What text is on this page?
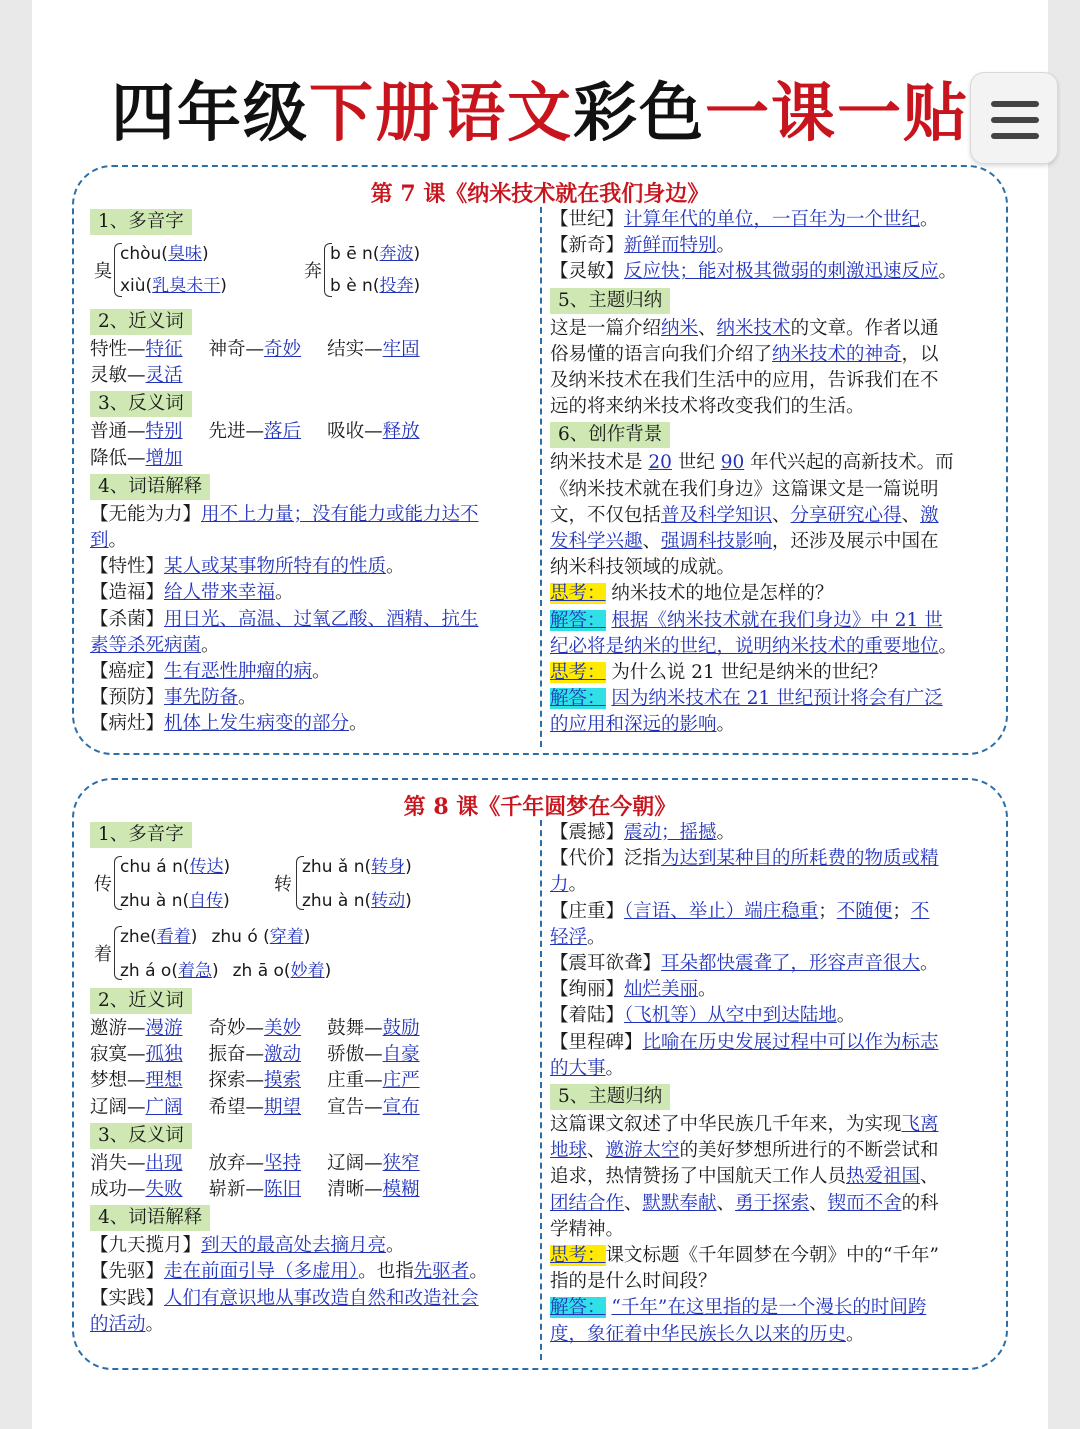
四年级下册语文彩色一课一贴
第 7 课《纳米技术就在我们身边》
1、多音字
臭
chòu(臭味)
xiù(乳臭未干)
奔
b ē n(奔波)
b è n(投奔)
2、近义词
特性—特征 神奇—奇妙 结实—牢固
灵敏—灵活
3、反义词
普通—特别 先进—落后 吸收—释放
降低—增加
4、词语解释
【无能为力】用不上力量；没有能力或能力达不
到。
【特性】某人或某事物所特有的性质。
【造福】给人带来幸福。
【杀菌】用日光、高温、过氧乙酸、酒精、抗生
素等杀死病菌。
【癌症】生有恶性肿瘤的病。
【预防】事先防备。
【病灶】机体上发生病变的部分。
【世纪】计算年代的单位，一百年为一个世纪。
【新奇】新鲜而特别。
【灵敏】反应快；能对极其微弱的刺激迅速反应。
5、主题归纳
这是一篇介绍纳米、纳米技术的文章。作者以通
俗易懂的语言向我们介绍了纳米技术的神奇，以
及纳米技术在我们生活中的应用，告诉我们在不
远的将来纳米技术将改变我们的生活。
6、创作背景
纳米技术是 20 世纪 90 年代兴起的高新技术。而
《纳米技术就在我们身边》这篇课文是一篇说明
文，不仅包括普及科学知识、分享研究心得、激
发科学兴趣、强调科技影响，还涉及展示中国在
纳米科技领域的成就。
思考： 纳米技术的地位是怎样的？
解答： 根据《纳米技术就在我们身边》中 21 世
纪必将是纳米的世纪，说明纳米技术的重要地位。
思考： 为什么说 21 世纪是纳米的世纪？
解答： 因为纳米技术在 21 世纪预计将会有广泛
的应用和深远的影响。
第 8 课《千年圆梦在今朝》
1、多音字
传
chu á n(传达)
zhu à n(自传)
转
zhu ǎ n(转身)
zhu à n(转动)
着
zhe(看着) zhu ó (穿着)
zh á o(着急) zh ā o(妙着)
2、近义词
邀游—漫游 奇妙—美妙 鼓舞—鼓励
寂寞—孤独 振奋—激动 骄傲—自豪
梦想—理想 探索—摸索 庄重—庄严
辽阔—广阔 希望—期望 宣告—宣布
3、反义词
消失—出现 放弃—坚持 辽阔—狭窄
成功—失败 崭新—陈旧 清晰—模糊
4、词语解释
【九天揽月】到天的最高处去摘月亮。
【先驱】走在前面引导（多虚用）。也指先驱者。
【实践】人们有意识地从事改造自然和改造社会
的活动。
【震撼】震动；摇撼。
【代价】泛指为达到某种目的所耗费的物质或精
力。
【庄重】（言语、举止）端庄稳重；不随便；不
轻浮。
【震耳欲聋】耳朵都快震聋了，形容声音很大。
【绚丽】灿烂美丽。
【着陆】（飞机等）从空中到达陆地。
【里程碑】比喻在历史发展过程中可以作为标志
的大事。
5、主题归纳
这篇课文叙述了中华民族几千年来，为实现飞离
地球、邀游太空的美好梦想所进行的不断尝试和
追求，热情赞扬了中国航天工作人员热爱祖国、
团结合作、默默奉献、勇于探索、锲而不舍的科
学精神。
思考：课文标题《千年圆梦在今朝》中的“千年”
指的是什么时间段？
解答： “千年”在这里指的是一个漫长的时间跨
度，象征着中华民族长久以来的历史。
